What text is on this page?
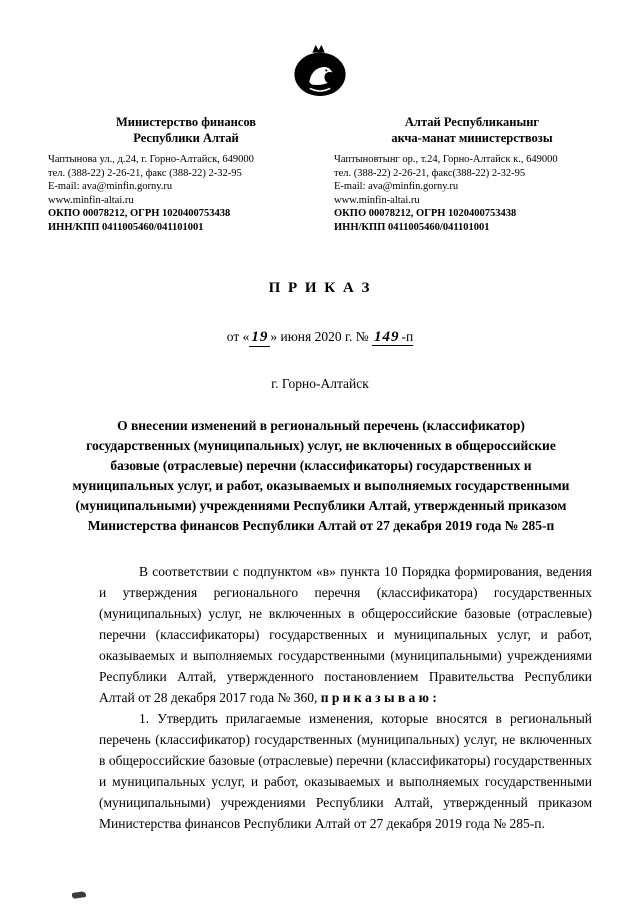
Министерство финансов
Республики Алтай
Чаптынова ул., д.24, г. Горно-Алтайск, 649000
тел. (388-22) 2-26-21, факс (388-22) 2-32-95
E-mail: ava@minfin.gorny.ru
www.minfin-altai.ru
ОКПО 00078212, ОГРН 1020400753438
ИНН/КПП 0411005460/041101001
Алтай Республиканынг
акча-манат министерствозы
Чаптыновтынг ор., т.24, Горно-Алтайск к., 649000
тел. (388-22) 2-26-21, факс(388-22) 2-32-95
E-mail: ava@minfin.gorny.ru
www.minfin-altai.ru
ОКПО 00078212, ОГРН 1020400753438
ИНН/КПП 0411005460/041101001
П Р И К А З
от « 19 » июня 2020 г. № 149 -п
г. Горно-Алтайск
О внесении изменений в региональный перечень (классификатор) государственных (муниципальных) услуг, не включенных в общероссийские базовые (отраслевые) перечни (классификаторы) государственных и муниципальных услуг, и работ, оказываемых и выполняемых государственными (муниципальными) учреждениями Республики Алтай, утвержденный приказом Министерства финансов Республики Алтай от 27 декабря 2019 года № 285-п

В соответствии с подпунктом «в» пункта 10 Порядка формирования, ведения и утверждения регионального перечня (классификатора) государственных (муниципальных) услуг, не включенных в общероссийские базовые (отраслевые) перечни (классификаторы) государственных и муниципальных услуг, и работ, оказываемых и выполняемых государственными (муниципальными) учреждениями Республики Алтай, утвержденного постановлением Правительства Республики Алтай от 28 декабря 2017 года № 360, п р и к а з ы в а ю :

1. Утвердить прилагаемые изменения, которые вносятся в региональный перечень (классификатор) государственных (муниципальных) услуг, не включенных в общероссийские базовые (отраслевые) перечни (классификаторы) государственных и муниципальных услуг, и работ, оказываемых и выполняемых государственными (муниципальными) учреждениями Республики Алтай, утвержденный приказом Министерства финансов Республики Алтай от 27 декабря 2019 года № 285-п.
